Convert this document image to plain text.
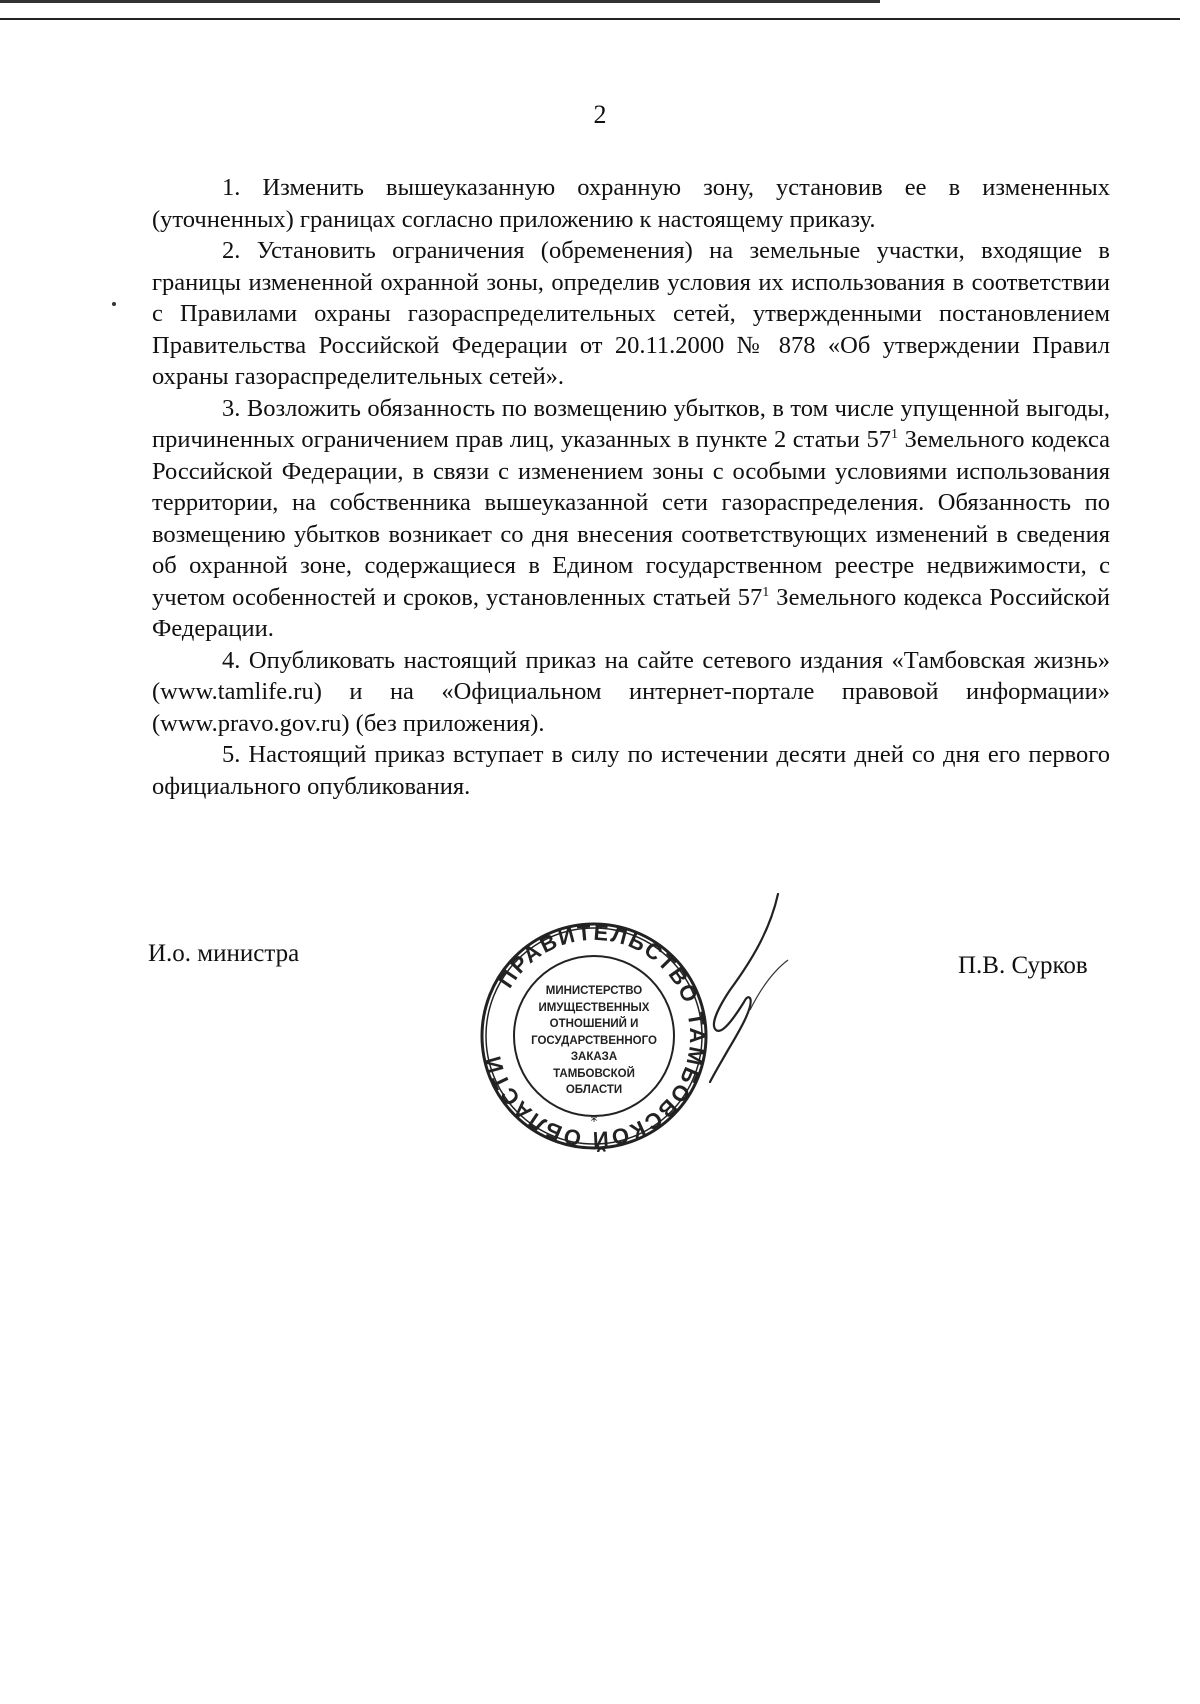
2

1. Изменить вышеуказанную охранную зону, установив ее в измененных (уточненных) границах согласно приложению к настоящему приказу.

2. Установить ограничения (обременения) на земельные участки, входящие в границы измененной охранной зоны, определив условия их использования в соответствии с Правилами охраны газораспределительных сетей, утвержденными постановлением Правительства Российской Федерации от 20.11.2000 № 878 «Об утверждении Правил охраны газораспределительных сетей».

3. Возложить обязанность по возмещению убытков, в том числе упущенной выгоды, причиненных ограничением прав лиц, указанных в пункте 2 статьи $57^1$ Земельного кодекса Российской Федерации, в связи с изменением зоны с особыми условиями использования территории, на собственника вышеуказанной сети газораспределения. Обязанность по возмещению убытков возникает со дня внесения соответствующих изменений в сведения об охранной зоне, содержащиеся в Едином государственном реестре недвижимости, с учетом особенностей и сроков, установленных статьей $57^1$ Земельного кодекса Российской Федерации.

4. Опубликовать настоящий приказ на сайте сетевого издания «Тамбовская жизнь» (www.tamlife.ru) и на «Официальном интернет-портале правовой информации» (www.pravo.gov.ru) (без приложения).

5. Настоящий приказ вступает в силу по истечении десяти дней со дня его первого официального опубликования.

И.о. министра	П.В. Сурков
ПРАВИТЕЛЬСТВО ТАМБОВСКОЙ ОБЛАСТИ
*
МИНИСТЕРСТВО
ИМУЩЕСТВЕННЫХ
ОТНОШЕНИЙ И
ГОСУДАРСТВЕННОГО
ЗАКАЗА
ТАМБОВСКОЙ
ОБЛАСТИ
